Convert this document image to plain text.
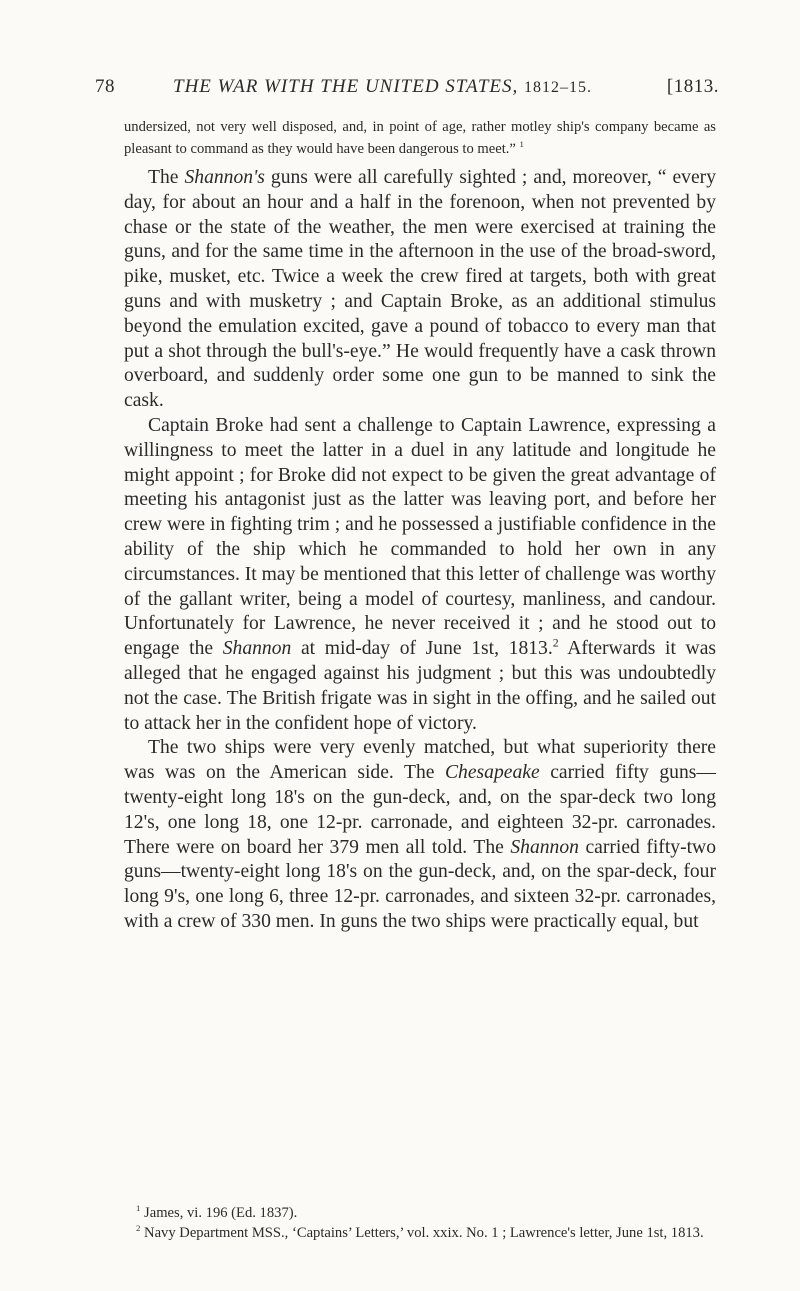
78	THE WAR WITH THE UNITED STATES, 1812–15.	[1813.

undersized, not very well disposed, and, in point of age, rather motley ship's company became as pleasant to command as they would have been dangerous to meet.” $^1$

The Shannon's guns were all carefully sighted ; and, moreover, “ every day, for about an hour and a half in the forenoon, when not prevented by chase or the state of the weather, the men were exercised at training the guns, and for the same time in the afternoon in the use of the broad-sword, pike, musket, etc. Twice a week the crew fired at targets, both with great guns and with musketry ; and Captain Broke, as an additional stimulus beyond the emulation excited, gave a pound of tobacco to every man that put a shot through the bull's-eye.” He would frequently have a cask thrown overboard, and suddenly order some one gun to be manned to sink the cask.

Captain Broke had sent a challenge to Captain Lawrence, expressing a willingness to meet the latter in a duel in any latitude and longitude he might appoint ; for Broke did not expect to be given the great advantage of meeting his antagonist just as the latter was leaving port, and before her crew were in fighting trim ; and he possessed a justifiable confidence in the ability of the ship which he commanded to hold her own in any circumstances. It may be mentioned that this letter of challenge was worthy of the gallant writer, being a model of courtesy, manliness, and candour. Unfortunately for Lawrence, he never received it ; and he stood out to engage the Shannon at mid-day of June 1st, 1813.$^2$ Afterwards it was alleged that he engaged against his judgment ; but this was undoubtedly not the case. The British frigate was in sight in the offing, and he sailed out to attack her in the confident hope of victory.

The two ships were very evenly matched, but what superiority there was was on the American side. The Chesapeake carried fifty guns—twenty-eight long 18's on the gun-deck, and, on the spar-deck two long 12's, one long 18, one 12-pr. carronade, and eighteen 32-pr. carronades. There were on board her 379 men all told. The Shannon carried fifty-two guns—twenty-eight long 18's on the gun-deck, and, on the spar-deck, four long 9's, one long 6, three 12-pr. carronades, and sixteen 32-pr. carronades, with a crew of 330 men. In guns the two ships were practically equal, but

$^1$ James, vi. 196 (Ed. 1837).

$^2$ Navy Department MSS., ‘Captains’ Letters,’ vol. xxix. No. 1 ; Lawrence's letter, June 1st, 1813.
